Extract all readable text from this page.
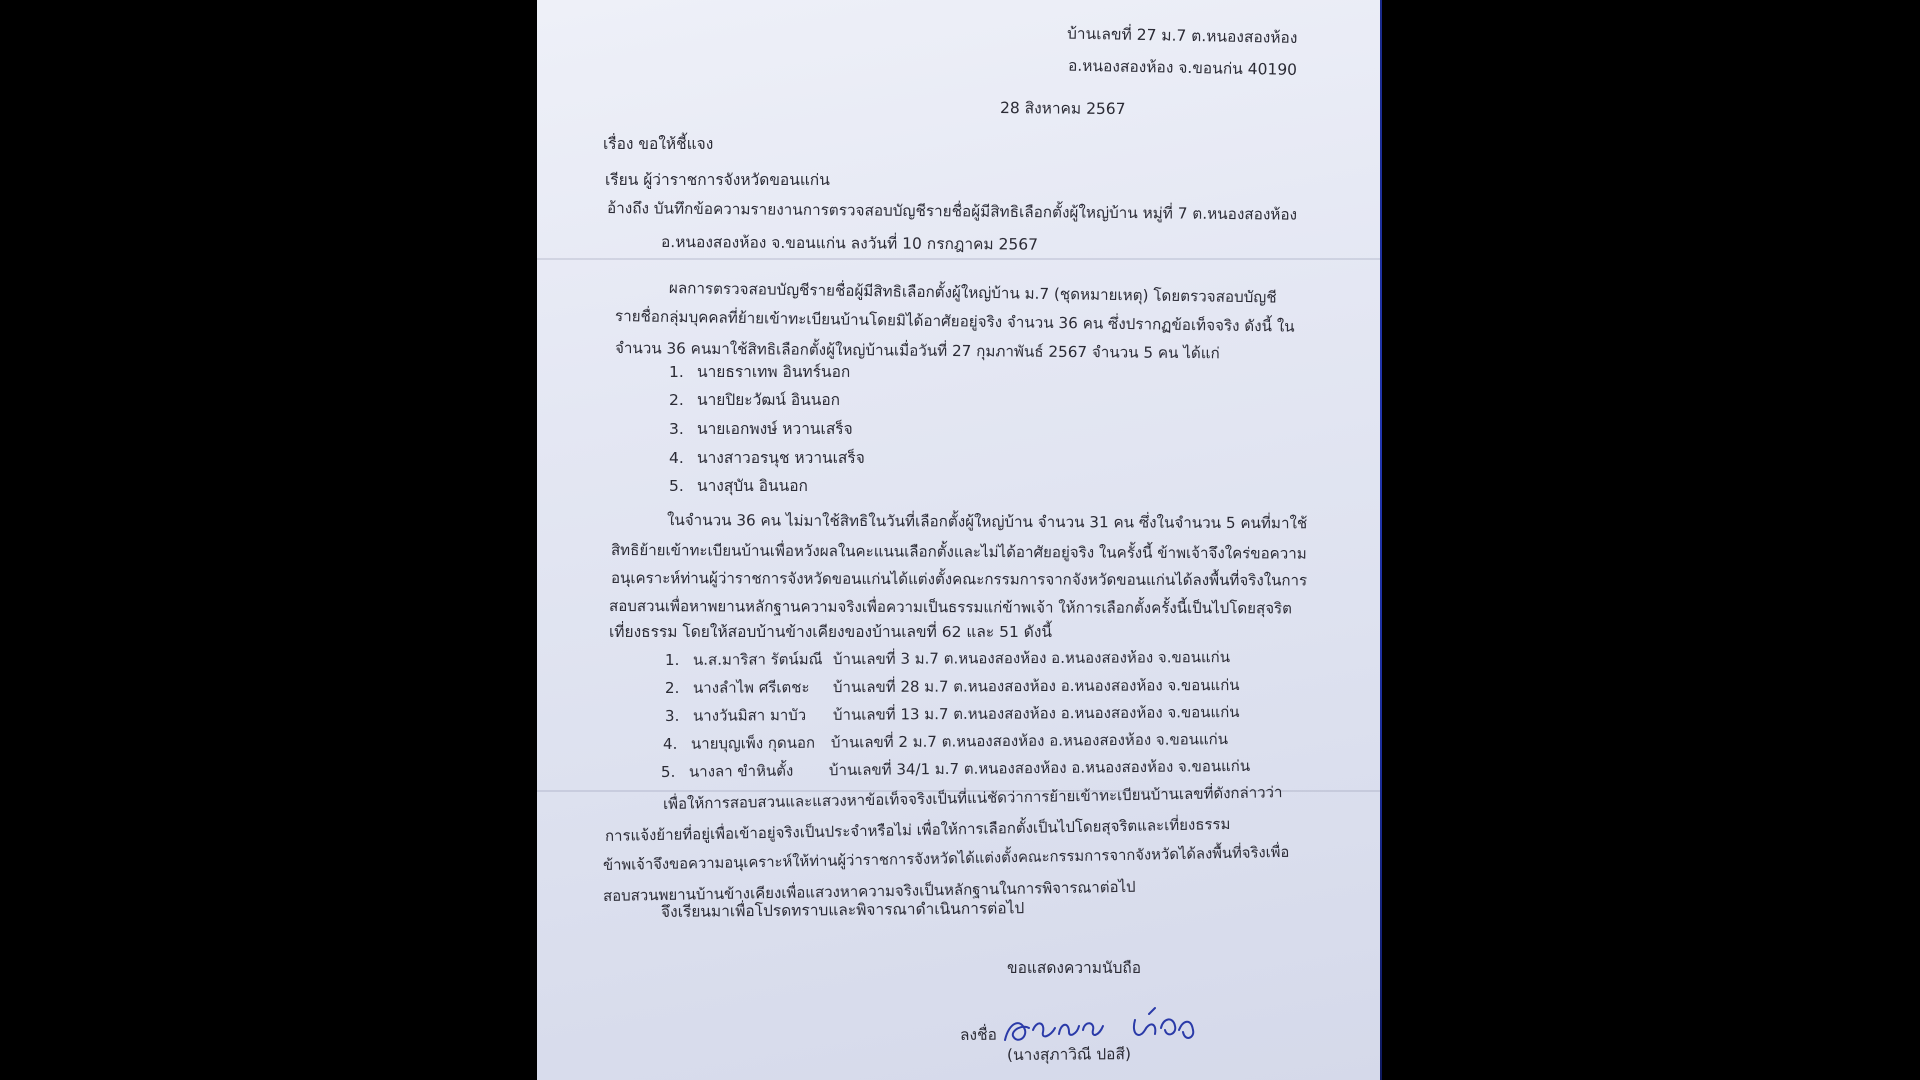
บ้านเลขที่ 27 ม.7 ต.หนองสองห้อง
อ.หนองสองห้อง จ.ขอนก่น 40190
28 สิงหาคม 2567
เรื่อง ขอให้ชี้แจง
เรียน ผู้ว่าราชการจังหวัดขอนแก่น
อ้างถึง บันทึกข้อความรายงานการตรวจสอบบัญชีรายชื่อผู้มีสิทธิเลือกตั้งผู้ใหญ่บ้าน หมู่ที่ 7 ต.หนองสองห้อง
อ.หนองสองห้อง จ.ขอนแก่น ลงวันที่ 10 กรกฎาคม 2567
ผลการตรวจสอบบัญชีรายชื่อผู้มีสิทธิเลือกตั้งผู้ใหญ่บ้าน ม.7 (ชุดหมายเหตุ) โดยตรวจสอบบัญชี
รายชื่อกลุ่มบุคคลที่ย้ายเข้าทะเบียนบ้านโดยมิได้อาศัยอยู่จริง จำนวน 36 คน ซึ่งปรากฏข้อเท็จจริง ดังนี้ ใน
จำนวน 36 คนมาใช้สิทธิเลือกตั้งผู้ใหญ่บ้านเมื่อวันที่ 27 กุมภาพันธ์ 2567 จำนวน 5 คน ได้แก่
1. นายธราเทพ อินทร์นอก
2. นายปิยะวัฒน์ อินนอก
3. นายเอกพงษ์ หวานเสร็จ
4. นางสาวอรนุช หวานเสร็จ
5. นางสุบัน อินนอก
ในจำนวน 36 คน ไม่มาใช้สิทธิในวันที่เลือกตั้งผู้ใหญ่บ้าน จำนวน 31 คน ซึ่งในจำนวน 5 คนที่มาใช้
สิทธิย้ายเข้าทะเบียนบ้านเพื่อหวังผลในคะแนนเลือกตั้งและไม่ได้อาศัยอยู่จริง ในครั้งนี้ ข้าพเจ้าจึงใคร่ขอความ
อนุเคราะห์ท่านผู้ว่าราชการจังหวัดขอนแก่นได้แต่งตั้งคณะกรรมการจากจังหวัดขอนแก่นได้ลงพื้นที่จริงในการ
สอบสวนเพื่อหาพยานหลักฐานความจริงเพื่อความเป็นธรรมแก่ข้าพเจ้า ให้การเลือกตั้งครั้งนี้เป็นไปโดยสุจริต
เที่ยงธรรม โดยให้สอบบ้านข้างเคียงของบ้านเลขที่ 62 และ 51 ดังนี้
1. น.ส.มาริสา รัตน์มณี บ้านเลขที่ 3 ม.7 ต.หนองสองห้อง อ.หนองสองห้อง จ.ขอนแก่น
2. นางลำไพ ศรีเตชะ บ้านเลขที่ 28 ม.7 ต.หนองสองห้อง อ.หนองสองห้อง จ.ขอนแก่น
3. นางวันมิสา มาบัว บ้านเลขที่ 13 ม.7 ต.หนองสองห้อง อ.หนองสองห้อง จ.ขอนแก่น
4. นายบุญเพ็ง กุดนอก บ้านเลขที่ 2 ม.7 ต.หนองสองห้อง อ.หนองสองห้อง จ.ขอนแก่น
5. นางลา ขำหินตั้ง บ้านเลขที่ 34/1 ม.7 ต.หนองสองห้อง อ.หนองสองห้อง จ.ขอนแก่น
เพื่อให้การสอบสวนและแสวงหาข้อเท็จจริงเป็นที่แน่ชัดว่าการย้ายเข้าทะเบียนบ้านเลขที่ดังกล่าวว่า
การแจ้งย้ายที่อยู่เพื่อเข้าอยู่จริงเป็นประจำหรือไม่ เพื่อให้การเลือกตั้งเป็นไปโดยสุจริตและเที่ยงธรรม
ข้าพเจ้าจึงขอความอนุเคราะห์ให้ท่านผู้ว่าราชการจังหวัดได้แต่งตั้งคณะกรรมการจากจังหวัดได้ลงพื้นที่จริงเพื่อ
สอบสวนพยานบ้านข้างเคียงเพื่อแสวงหาความจริงเป็นหลักฐานในการพิจารณาต่อไป
จึงเรียนมาเพื่อโปรดทราบและพิจารณาดำเนินการต่อไป
ขอแสดงความนับถือ
ลงชื่อ	สุภาวิณี ปอสี
(นางสุภาวิณี ปอสี)
